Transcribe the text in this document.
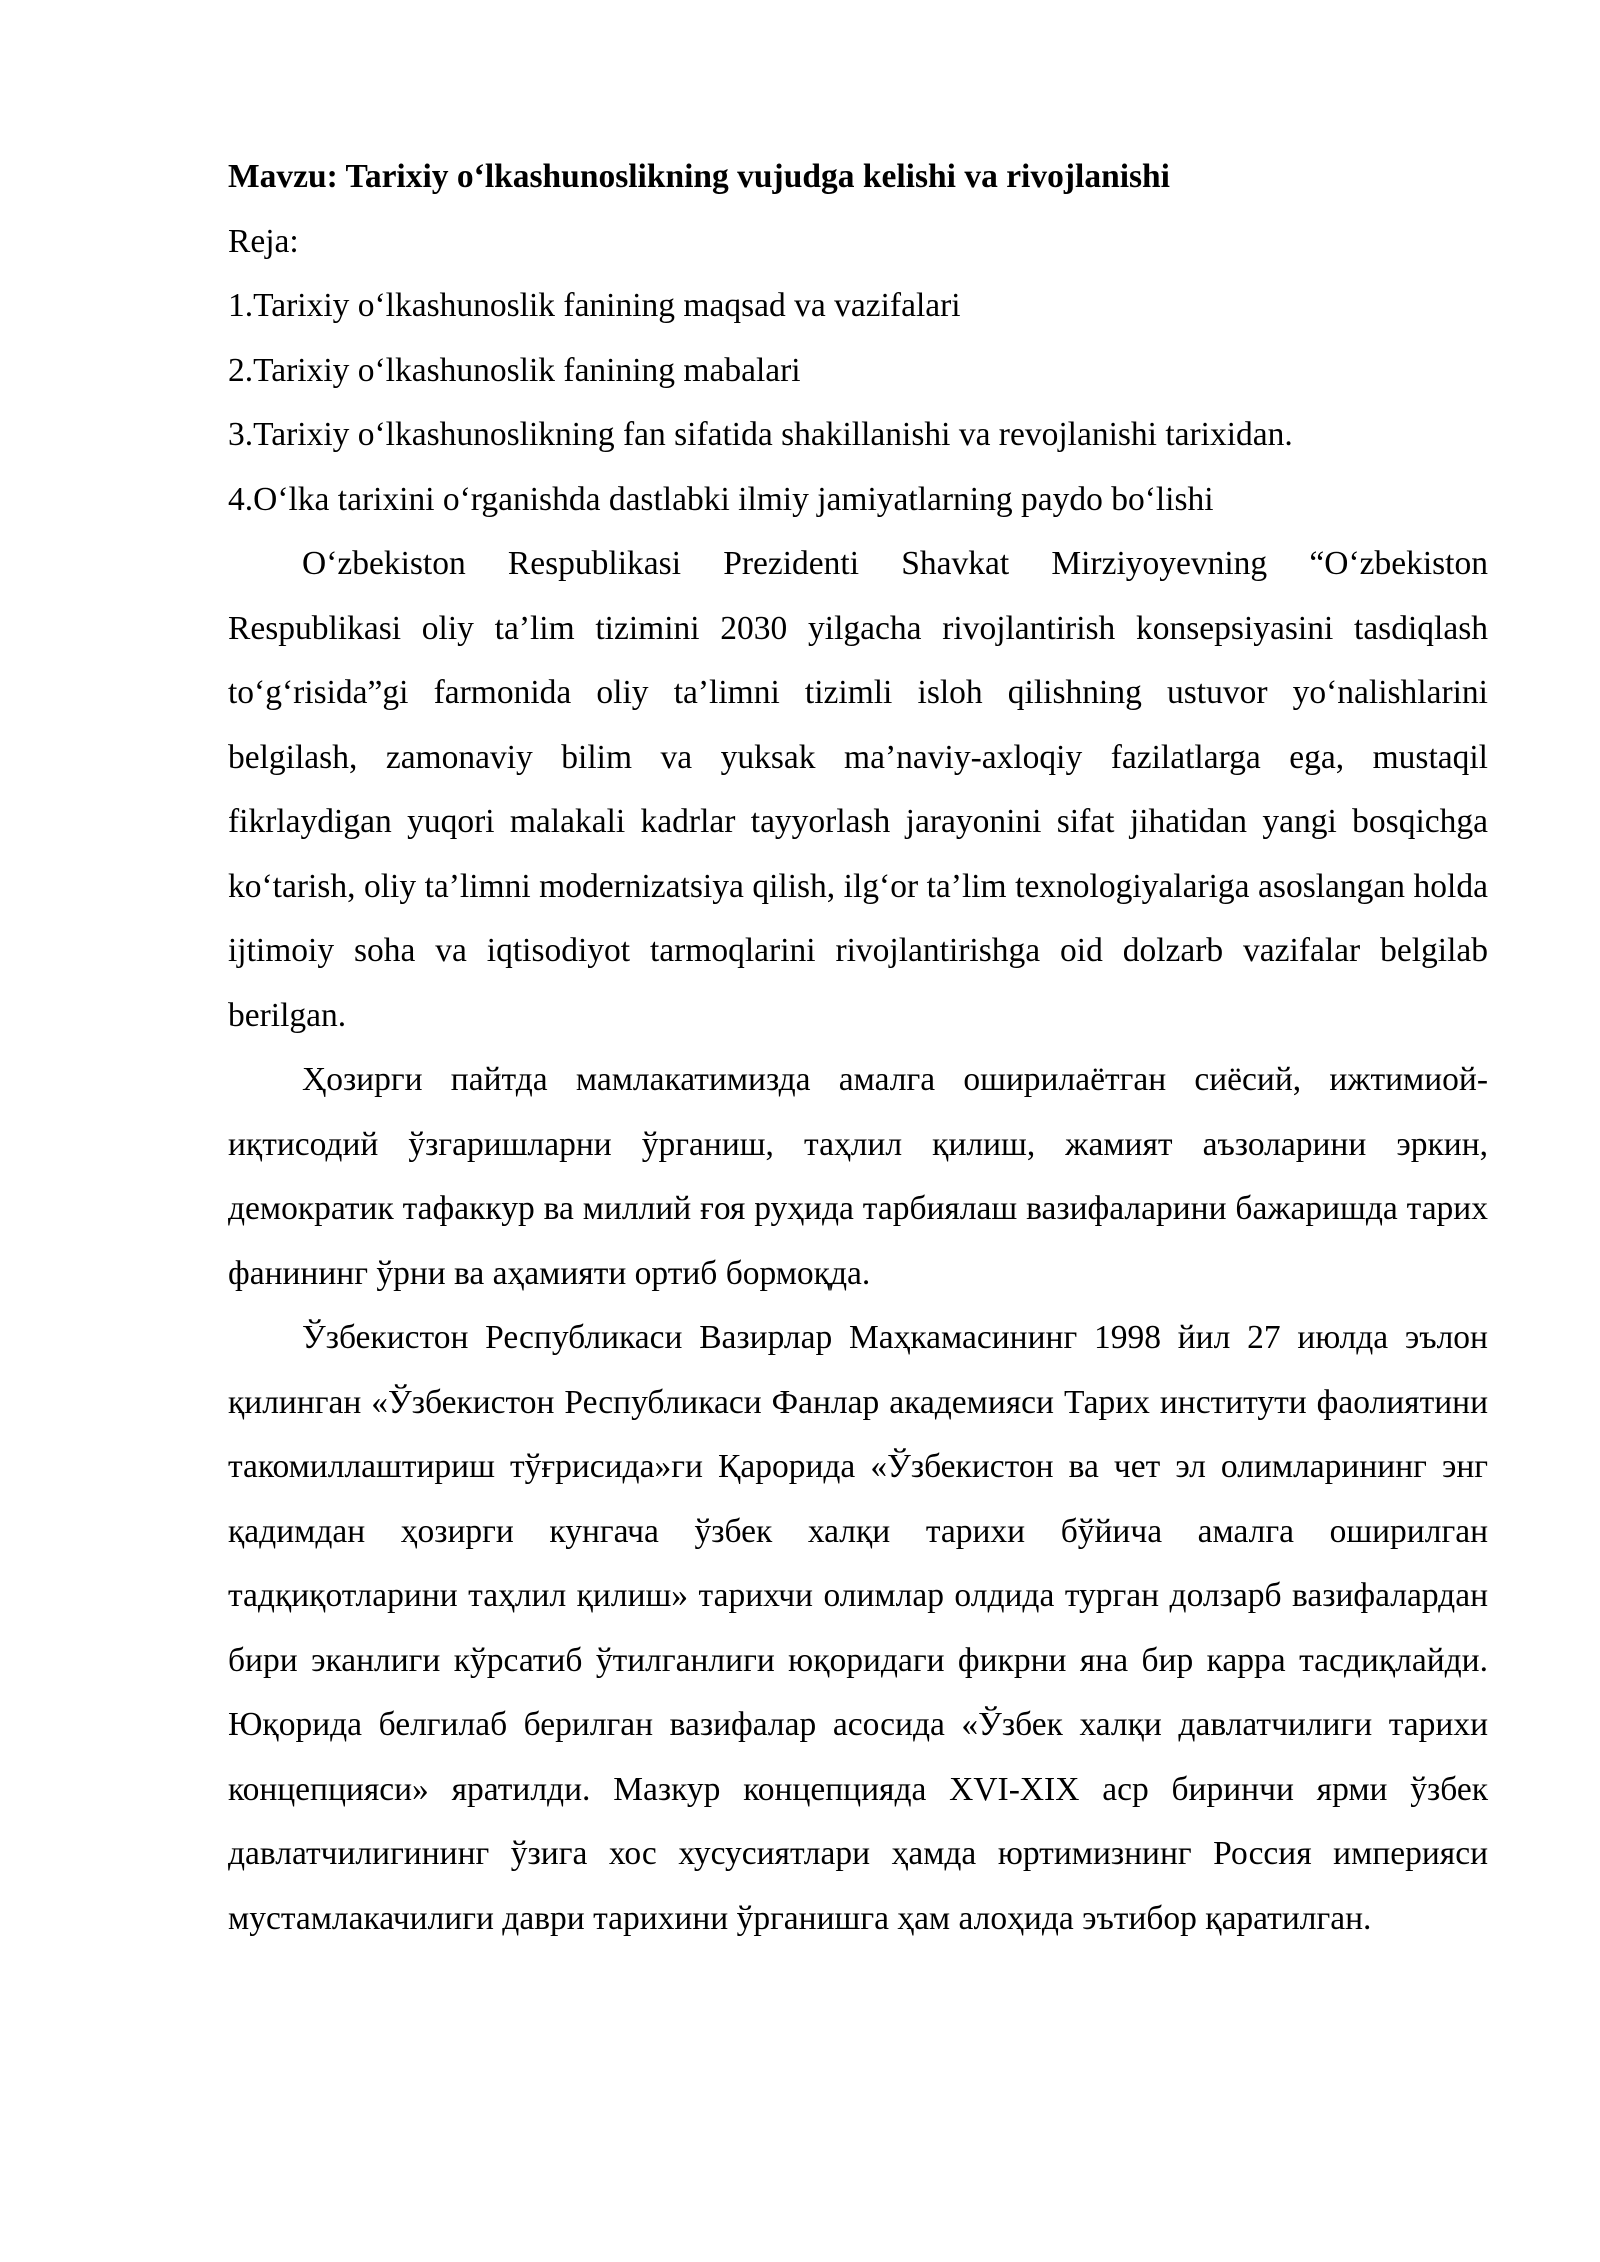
Mavzu: Tarixiy o‘lkashunoslikning vujudga kelishi va rivojlanishi

Reja:

1.Tarixiy o‘lkashunoslik fanining maqsad va vazifalari
2.Tarixiy o‘lkashunoslik fanining mabalari
3.Tarixiy o‘lkashunoslikning fan sifatida shakillanishi va revojlanishi tarixidan.
4.O‘lka tarixini o‘rganishda dastlabki ilmiy jamiyatlarning paydo bo‘lishi

O‘zbekiston Respublikasi Prezidenti Shavkat Mirziyoyevning “O‘zbekiston Respublikasi oliy ta’lim tizimini 2030 yilgacha rivojlantirish konsepsiyasini tasdiqlash to‘g‘risida”gi farmonida oliy ta’limni tizimli isloh qilishning ustuvor yo‘nalishlarini belgilash, zamonaviy bilim va yuksak ma’naviy-axloqiy fazilatlarga ega, mustaqil fikrlaydigan yuqori malakali kadrlar tayyorlash jarayonini sifat jihatidan yangi bosqichga ko‘tarish, oliy ta’limni modernizatsiya qilish, ilg‘or ta’lim texnologiyalariga asoslangan holda ijtimoiy soha va iqtisodiyot tarmoqlarini rivojlantirishga oid dolzarb vazifalar belgilab berilgan.

Ҳозирги пайтда мамлакатимизда амалга оширилаётган сиёсий, ижтимиой-иқтисодий ўзгаришларни ўрганиш, таҳлил қилиш, жамият аъзоларини эркин, демократик тафаккур ва миллий ғоя руҳида тарбиялаш вазифаларини бажаришда тарих фанининг ўрни ва аҳамияти ортиб бормоқда.

Ўзбекистон Республикаси Вазирлар Маҳкамасининг 1998 йил 27 июлда эълон қилинган «Ўзбекистон Республикаси Фанлар академияси Тарих институти фаолиятини такомиллаштириш тўғрисида»ги Қарорида «Ўзбекистон ва чет эл олимларининг энг қадимдан ҳозирги кунгача ўзбек халқи тарихи бўйича амалга оширилган тадқиқотларини таҳлил қилиш» тарихчи олимлар олдида турган долзарб вазифалардан бири эканлиги кўрсатиб ўтилганлиги юқоридаги фикрни яна бир карра тасдиқлайди. Юқорида белгилаб берилган вазифалар асосида «Ўзбек халқи давлатчилиги тарихи концепцияси» яратилди. Мазкур концепцияда XVI-XIX аср биринчи ярми ўзбек давлатчилигининг ўзига хос хусусиятлари ҳамда юртимизнинг Россия империяси мустамлакачилиги даври тарихини ўрганишга ҳам алоҳида эътибор қаратилган.
